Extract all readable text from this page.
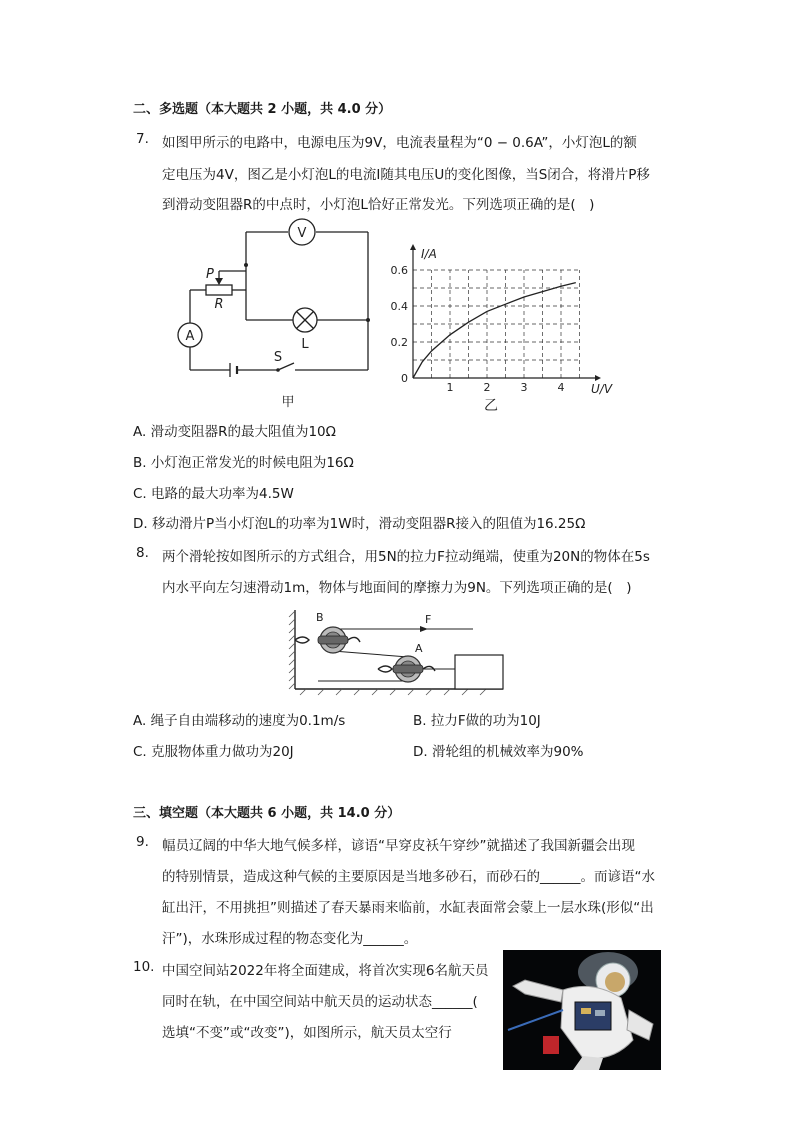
二、多选题（本大题共 2 小题，共 4.0 分）
7. 如图甲所示的电路中，电源电压为9V，电流表量程为“0 − 0.6A”，小灯泡L的额
定电压为4V，图乙是小灯泡L的电流I随其电压U的变化图像，当S闭合，将滑片P移
到滑动变阻器R的中点时，小灯泡L恰好正常发光。下列选项正确的是(　)
V
A
L
P
R
S
甲
1	2	3	4
0.2
0.4
0.6
I/A
U/V
0
乙
A. 滑动变阻器R的最大阻值为10Ω
B. 小灯泡正常发光的时候电阻为16Ω
C. 电路的最大功率为4.5W
D. 移动滑片P当小灯泡L的功率为1W时，滑动变阻器R接入的阻值为16.25Ω
8. 两个滑轮按如图所示的方式组合，用5N的拉力F拉动绳端，使重为20N的物体在5s
内水平向左匀速滑动1m，物体与地面间的摩擦力为9N。下列选项正确的是(　)
B
A
F
A. 绳子自由端移动的速度为0.1m/s	B. 拉力F做的功为10J
C. 克服物体重力做功为20J	D. 滑轮组的机械效率为90%
三、填空题（本大题共 6 小题，共 14.0 分）
9. 幅员辽阔的中华大地气候多样，谚语“早穿皮袄午穿纱”就描述了我国新疆会出现
的特别情景，造成这种气候的主要原因是当地多砂石，而砂石的______。而谚语“水
缸出汗，不用挑担”则描述了春天暴雨来临前，水缸表面常会蒙上一层水珠(形似“出
汗”)，水珠形成过程的物态变化为______。
10. 中国空间站2022年将全面建成，将首次实现6名航天员
同时在轨，在中国空间站中航天员的运动状态______(
选填“不变”或“改变”)，如图所示，航天员太空行
